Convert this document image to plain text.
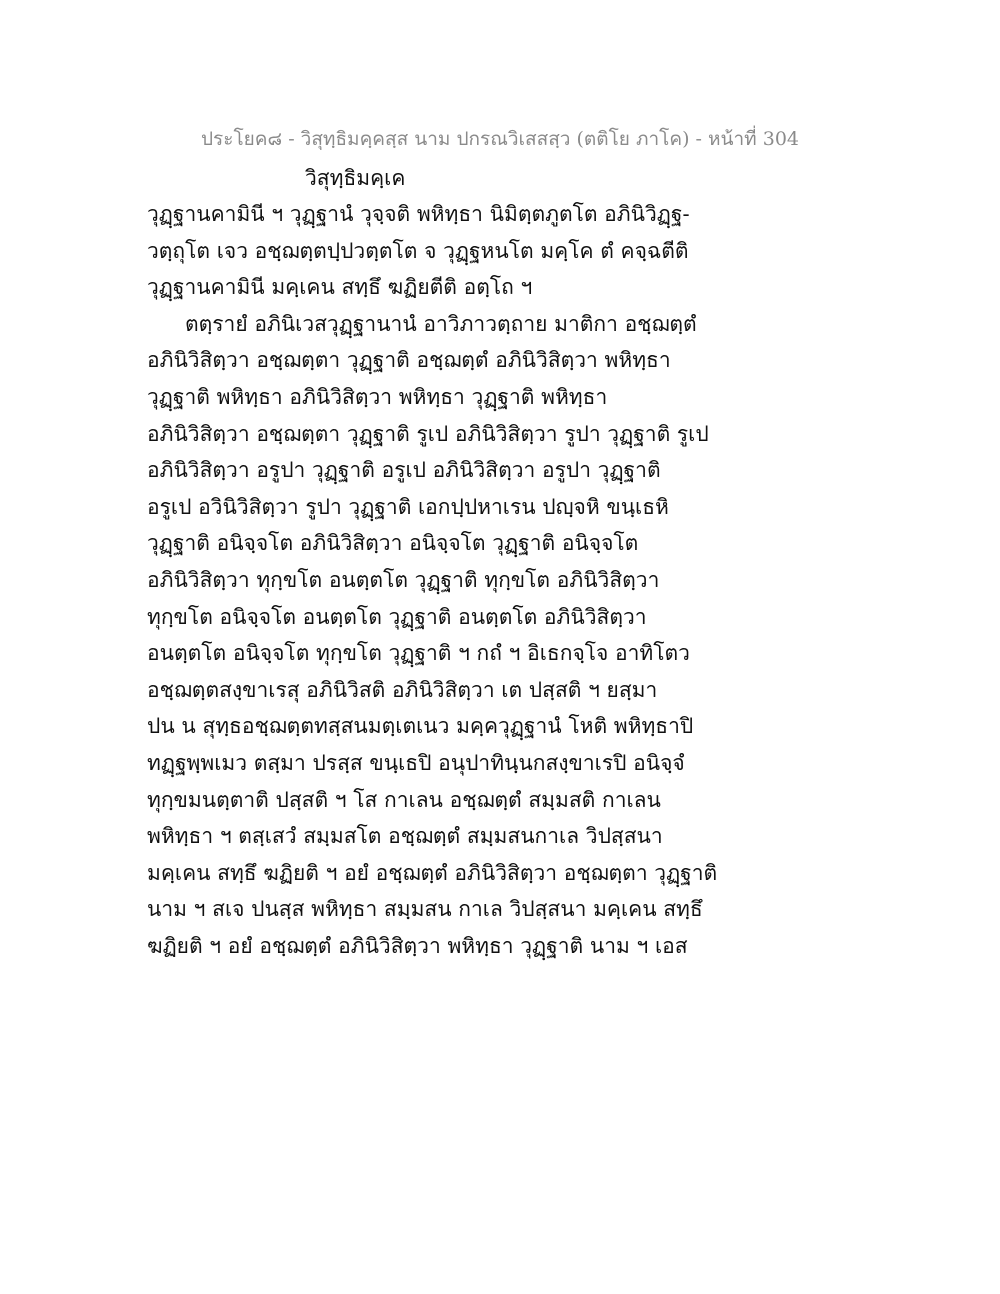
ประโยค๘ - วิสุทฺธิมคฺคสฺส นาม ปกรณวิเสสสฺว (ตติโย ภาโค) - หน้าที่ 304
วิสุทฺธิมคฺเค
วุฏฺฐานคามินี ฯ วุฏฺฐานํ วุจฺจติ พหิทฺธา นิมิตฺตภูตโต อภินิวิฏฺฐ-
วตฺถุโต เจว อชฺฌตฺตปฺปวตฺตโต จ วุฏฺฐหนโต มคฺโค ตํ คจฺฉตีติ
วุฏฺฐานคามินี มคฺเคน สทฺธึ ฆฏิยตีติ อตฺโถ ฯ
ตตฺรายํ อภินิเวสวุฏฺฐานานํ อาวิภาวตฺถาย มาติกา อชฺฌตฺตํ
อภินิวิสิตฺวา อชฺฌตฺตา วุฏฺฐาติ อชฺฌตฺตํ อภินิวิสิตฺวา พหิทฺธา
วุฏฺฐาติ พหิทฺธา อภินิวิสิตฺวา พหิทฺธา วุฏฺฐาติ พหิทฺธา
อภินิวิสิตฺวา อชฺฌตฺตา วุฏฺฐาติ รูเป อภินิวิสิตฺวา รูปา วุฏฺฐาติ รูเป
อภินิวิสิตฺวา อรูปา วุฏฺฐาติ อรูเป อภินิวิสิตฺวา อรูปา วุฏฺฐาติ
อรูเป อวินิวิสิตฺวา รูปา วุฏฺฐาติ เอกปฺปหาเรน ปญฺจหิ ขนฺเธหิ
วุฏฺฐาติ อนิจฺจโต อภินิวิสิตฺวา อนิจฺจโต วุฏฺฐาติ อนิจฺจโต
อภินิวิสิตฺวา ทุกฺขโต อนตฺตโต วุฏฺฐาติ ทุกฺขโต อภินิวิสิตฺวา
ทุกฺขโต อนิจฺจโต อนตฺตโต วุฏฺฐาติ อนตฺตโต อภินิวิสิตฺวา
อนตฺตโต อนิจฺจโต ทุกฺขโต วุฏฺฐาติ ฯ กถํ ฯ อิเธกจฺโจ อาทิโตว
อชฺฌตฺตสงฺขาเรสุ อภินิวิสติ อภินิวิสิตฺวา เต ปสฺสติ ฯ ยสฺมา
ปน น สุทฺธอชฺฌตฺตทสฺสนมตฺเตเนว มคฺควุฏฺฐานํ โหติ พหิทฺธาปิ
ทฏฺฐพฺพเมว ตสฺมา ปรสฺส ขนฺเธปิ อนุปาทินฺนกสงฺขาเรปิ อนิจฺจํ
ทุกฺขมนตฺตาติ ปสฺสติ ฯ โส กาเลน อชฺฌตฺตํ สมฺมสติ กาเลน
พหิทฺธา ฯ ตสฺเสวํ สมฺมสโต อชฺฌตฺตํ สมฺมสนกาเล วิปสฺสนา
มคฺเคน สทฺธึ ฆฏิยติ ฯ อยํ อชฺฌตฺตํ อภินิวิสิตฺวา อชฺฌตฺตา วุฏฺฐาติ
นาม ฯ สเจ ปนสฺส พหิทฺธา สมฺมสน กาเล วิปสฺสนา มคฺเคน สทฺธึ
ฆฏิยติ ฯ อยํ อชฺฌตฺตํ อภินิวิสิตฺวา พหิทฺธา วุฏฺฐาติ นาม ฯ เอส
